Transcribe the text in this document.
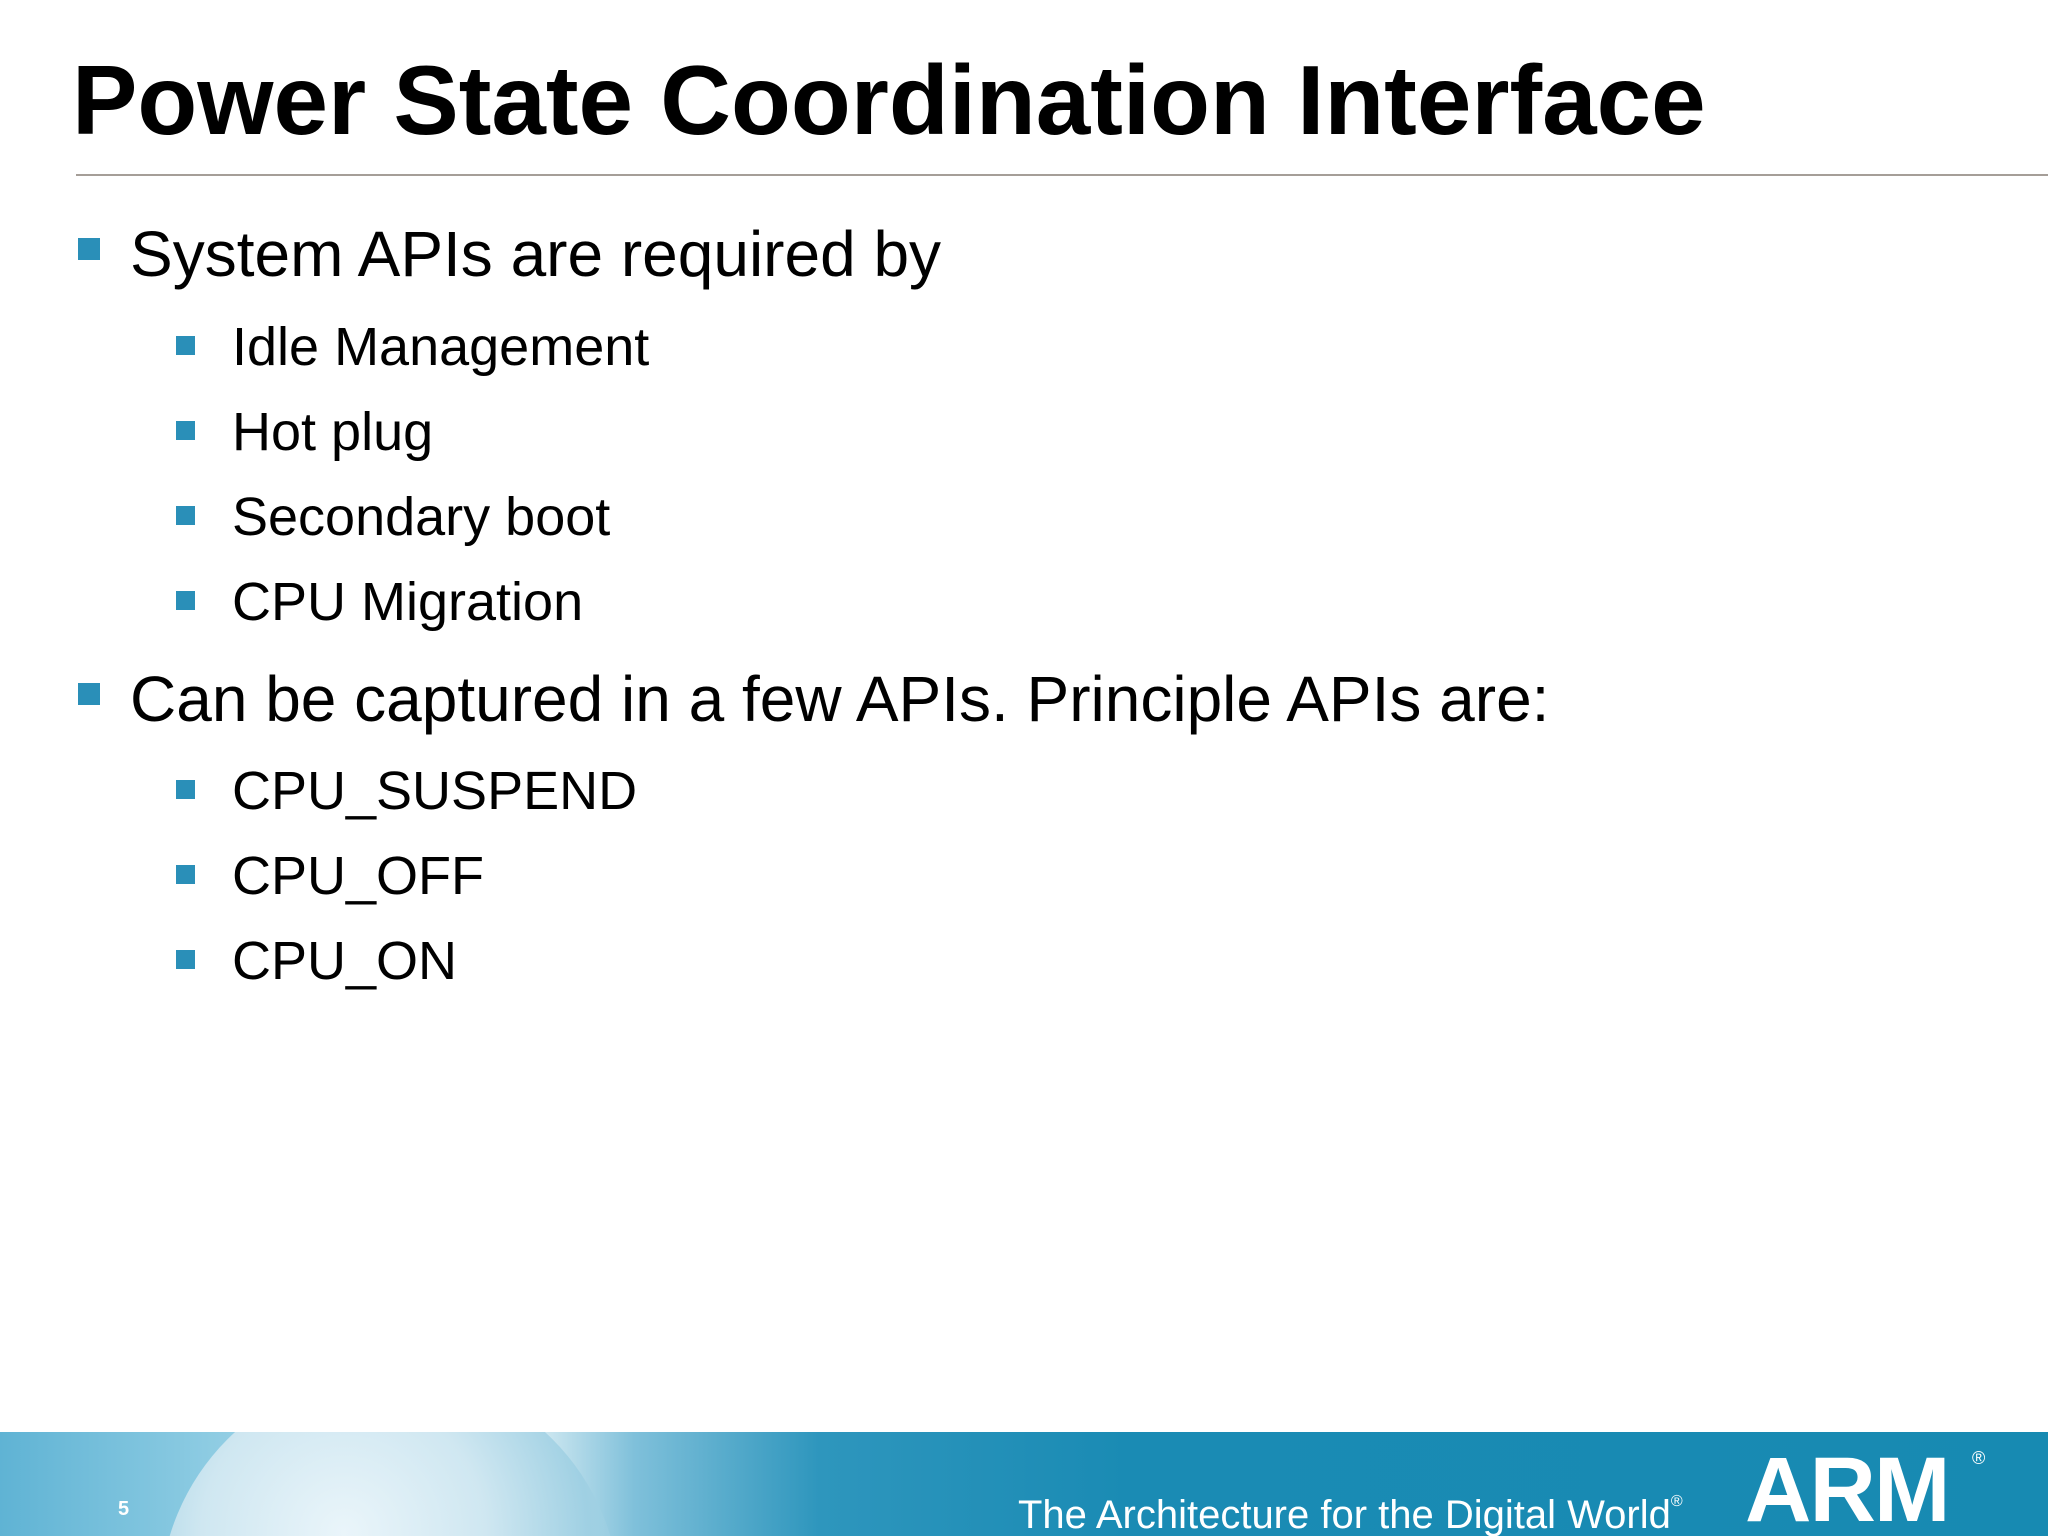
Power State Coordination Interface
System APIs are required by
Idle Management
Hot plug
Secondary boot
CPU Migration
Can be captured in a few APIs. Principle APIs are:
CPU_SUSPEND
CPU_OFF
CPU_ON
5	The Architecture for the Digital World® ARM ®
